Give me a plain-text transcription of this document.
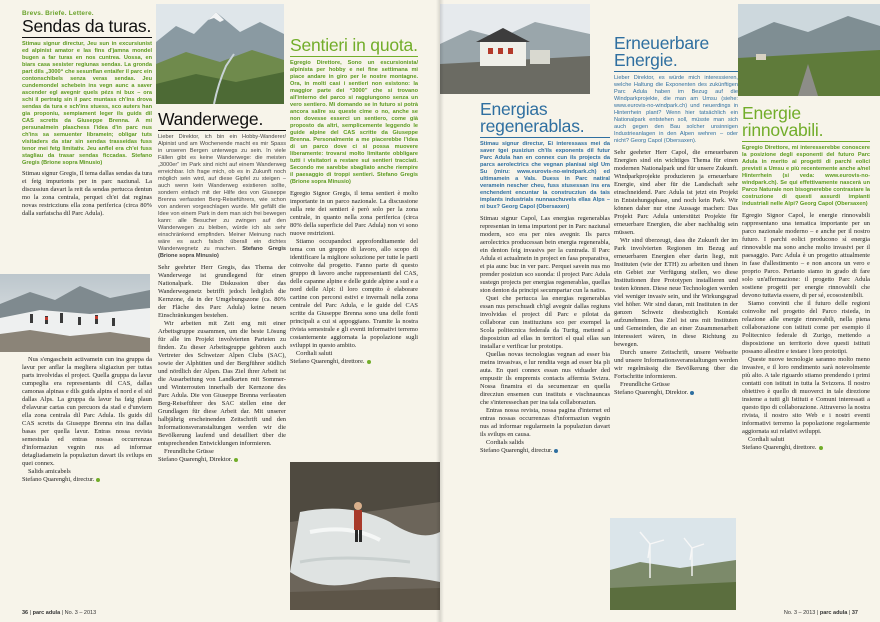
Brevs. Briefe. Lettere.
Sendas da turas.
Stimau signur directur, Jeu sun in excursiunist ed alpinist amator e las fins d'jamna mondel bugen a far turas en nos cuntrea. Uossa, en biars casa sesister regiunas sendas. La gronda part dils „3000“ che sesunflan entaifer il parc ein contonschibels senza veras sendas. Jeu cundemondel schebein ins vegn aunc a saver ascender egl avegnir quels pézs ni bux – ora schi il pertratg sin il parc muntass ch'ins drova sendas da tura e sch'ins stuess, sco auters han gia proponiu, sempiament leger ils guids dil CAS scretts da Giuseppe Brenna. A mi persunalmein plaschess l'idea d'in parc nus ch'ins sa semuenter libramein; obligar tuts visitaders da star sin sendas trasseidas fuss tenor mei fetg limitativ. Jeu anflel era ch'ei fuss stagliau da trasar sendas ficcadas. Stefano Gregis (Brione sopra Minusio)

Stimau signur Gregis, Il tema dallas sendas da tura ei fetg impurtonts per in parc naziunal. La discussiun davart la reit da sendas pertucca dentun mo la zona centrala, perquei ch'ei dat reginas novas restricziuns ella zona periferica (circa 80% dalla surfatscha dil Parc Adula).

Nus s'engaschein activamein cun ina gruppa da lavur per anflar la megliera sligiaziun per tuttas parts involvidas el project. Quella gruppa da lavur cumpeglia era representants dil CAS, dallas camonas alpinas e dils guids alpins el nord e el sid dallas Alps. La gruppa da lavur ha fatg plaun d'elavurar cartas cun percuors da stad e d'unviern ella zona centrala dil Parc Adula. Ils guids dil CAS scretts da Giuseppe Brenna ein ina dallas basas per quella lavur. Entras nossa revista semestrala ed entras nossas occurrenzas d'informaziun vegnin nus ad informar detagliadamein la populaziun davart ils svilups en quei connex.

Salids amicabels
Stefano Quarenghi, directur.
Wanderwege.
Lieber Direktor, ich bin ein Hobby-Wanderer/ Alpinist und am Wochenende macht es mir Spass in unseren Bergen unterwegs zu sein. In viele Fällen gibt es keine Wanderwege: die meisten „3000er“ im Park sind nicht auf einem Wanderweg erreichbar. Ich frage mich, ob es in Zukunft noch möglich sein wird, auf diese Gipfel zu steigen – auch wenn kein Wanderweg existieren sollte, sondern einfach mit der Hilfe des von Giuseppe Brenna verfassten Berg-Reiseführers, wie schon von anderen vorgeschlagen wurde. Mir gefällt die Idee von einem Park in dem man sich frei bewegen kann: alle Besucher zu zwingen auf den Wanderwegen zu bleiben, würde ich als sehr einschränkend empfinden. Meiner Meinung nach wäre es auch falsch überall ein dichtes Wanderwegnetz zu machen. Stefano Gregis (Brione sopra Minusio)

Sehr geehrter Herr Gregis, das Thema der Wanderwege ist grundlegend für einen Nationalpark. Die Diskussion über das Wanderwegenetz betrifft jedoch lediglich die Kernzone, da in der Umgebungszone (ca. 80% der Fläche des Parc Adula) keine neuen Einschränkungen bestehen.

Wir arbeiten mit Zeit eng mit einer Arbeitsgruppe zusammen, um die beste Lösung für alle im Projekt involvierten Parteien zu finden. Zu dieser Arbeitsgruppe gehören auch Vertreter des Schweizer Alpen Clubs (SAC), sowie der Alphütten und der Bergführer südlich und nördlich der Alpen. Das Ziel ihrer Arbeit ist die Ausarbeitung von Landkarten mit Sommer- und Winterrouten innerhalb der Kernzone des Parc Adula. Die von Giuseppe Brenna verfassten Berg-Reiseführer des SAC stellen eine der Grundlagen für diese Arbeit dar. Mit unserer halbjährig erscheinenden Zeitschrift und den Informationsveranstaltungen werden wir die Bevölkerung laufend und detailliert über die entsprechenden Entwicklungen informieren.

Freundliche Grüsse
Stefano Quarenghi, Direktor.
Sentieri in quota.
Egregio Direttore, Sono un escursionista/ alpinista per hobby e nei fine settimana mi piace andare in giro per le nostre montagne. Ora, in molti casi i sentieri non esistono: la maggior parte dei “3000” che si trovano all'interno del parco si raggiungono senza un vero sentiero. Mi domando se in futuro si potrà ancora salire su queste cime o no, anche se non dovesse esserci un sentiero, come già proposto da altri, semplicemente leggendo le guide alpine del CAS scritte da Giuseppe Brenna. Personalmente a me piacerebbe l'idea di un parco dove ci si possa muovere liberamente: trovarsi molto limitante obbligare tutti i visitatori a restare sui sentieri tracciati. Secondo me sarebbe sbagliato anche riempire il paesaggio di troppi sentieri. Stefano Gregis (Brione sopra Minusio)

Egregio Signor Gregis, il tema sentieri è molto importante in un parco nazionale. La discussione sulla rete dei sentieri è però solo per la zona centrale, in quanto nella zona periferica (circa 80% della superficie del Parc Adula) non vi sono nuove restrizioni.

Stiamo occupandoci approfonditamente del tema con un gruppo di lavoro, allo scopo di identificare la migliore soluzione per tutte le parti coinvolte dal progetto. Fanno parte di questo gruppo di lavoro anche rappresentanti del CAS, delle capanne alpine e delle guide alpine a sud e a nord delle Alpi: il loro compito è elaborare cartine con percorsi estivi e invernali nella zona centrale del Parc Adula, e le guide del CAS scritte da Giuseppe Brenna sono una delle fonti principali a cui si appoggiano. Tramite la nostra rivista semestrale e gli eventi informativi terremo costantemente aggiornata la popolazione sugli sviluppi in questo ambito.

Cordiali saluti
Stefano Quarenghi, direttore.
36 | parc adula | No. 3 – 2013
Energias regenerablas.
Stimau signur directur, Ei interessass mei da saver tgei pusiziun ch'ils exponents dil futur Parc Adula han en connex cun ils projects da parcs aerolectrics che vegnan planisai sigl Um Su (miru: www.eurovis-no-windpark.ch) ed ultimamein a Vals. Duess in Parc natiral veramein nescher cheu, fuss stusessan ins era enchendent encuntar la construcziun da tais implants industrials nunnaschuvels ellas Alps – ni bux? Georg Capol (Obersaxen)

Stimau signur Capol, Las energias regenerablas representan in tema impurtont per in Parc naziunal modern, sco era per nies avegnir. Ils parcs aerolectrics producessan bein energia regenerabla, ein denton feig invasivs per la cuntrada. Il Parc Adula ei actualmein in project en fasa preparativa, ei pia aunc buc in ver parc. Perquei savein nus mo prender posiziun sco suonda: il project Parc Adula sustegn projects per energias regenerablas, quellas ston denton da principi secumpartar cun la natira.

Quei che pertucca las energias regenerablas essan nus perschuadi ch'igl avegnir dallas regiuns involvidas el project dil Parc e pilotat da collaborar cun instituziuns sco per exempel la Scola politecnica federala da Turitg, mettend a disposiziun ad ellas in territori el qual ellas san installar e verificar lur prototips.

Quellas novas tecnologias vegnan ad esser bia meins invasivas, e lur rendita vegn ad esser bia pli auta. En quei connex essan nus viduader ded empustir ils empremis contacts affermia Svizra. Nossa finamira ei da secumenzar en quella direcziun ensemen cun instituts e vischnauncas che s'interessechan per ina tala collaboraziun.

Entras nossa revista, nossa pagina d'internet ed entras nossas occurrenzas d'informaziun vegnin nus ad informar regularmein la populaziun davart ils svilups en causa.

Cordials salids
Stefano Quarenghi, directur.
Erneuerbare Energie.
Lieber Direktor, es würde mich interessieren, welche Haltung die Exponenten des zukünftigen Parc Adula haben im Bezug auf die Windparkprojekte, die man am Umsu (siehe: www.eurovis-no-windpark.ch) und neuerdings in Hinterrhein plant? Wenn hier tatsächlich ein Nationalpark entstehen soll, müsste man sich auch gegen den Bau solcher unsinnigen Industrieanlagen in den Alpen wehren – oder nicht? Georg Capol (Obersaxen).

Sehr geehrter Herr Capol, die erneuerbaren Energien sind ein wichtiges Thema für einen modernen Nationalpark und für unsere Zukunft. Windparkprojekte produzieren ja erneuerbare Energie, sind aber für die Landschaft sehr einschneidend. Parc Adula ist jetzt ein Projekt in Entstehungsphase, und noch kein Park. Wir können daher nur eine Aussage machen: Das Projekt Parc Adula unterstützt Projekte für erneuerbare Energien, die aber nachhaltig sein müssen.

Wir sind überzeugt, dass die Zukunft der im Park involvierten Regionen im Bezug auf erneuerbaren Energien eher darin liegt, mit Instituten (wie der ETH) zu arbeiten und ihnen ein Gebiet zur Verfügung stellen, wo diese Institutionen ihre Prototypen installieren und testen können. Diese neue Technologien werden viel weniger invasiv sein, und ihr Wirkungsgrad viel höher. Wir sind daran, mit Instituten in der ganzen Schweiz diesbezüglich Kontakt aufzunehmen. Das Ziel ist uns mit Instituten und Gemeinden, die an einer Zusammenarbeit interessiert wären, in diese Richtung zu bewegen.

Durch unsere Zeitschrift, unsere Webseite und unsere Informationsveranstaltungen werden wir regelmässig die Bevölkerung über die Fortschritte informieren.

Freundliche Grüsse
Stefano Quarenghi, Direktor.
Energie rinnovabili.
Egregio Direttore, mi interesserebbe conoscere la posizione degli esponenti del futuro Parc Adula in merito ai progetti di parchi eolici previsti a Umsu e più recentemente anche a/nel Hinterrhein (si veda: www.eurovis-no-windpark.ch). Se qui effettivamente nascerà un Parco Naturale non bisognerebbe contrastare la costruzione di questi assurdi impianti industriali nelle Alpi? Georg Capol (Obersaxen)

Egregio Signor Capol, le energie rinnovabili rappresentano una tematica importante per un parco nazionale moderno – e anche per il nostro futuro. I parchi eolici producono sì energia rinnovabile ma sono anche molto invasivi per il paesaggio. Parc Adula è un progetto attualmente in fase d'allestimento – e non ancora un vero e proprio Parco. Pertanto siamo in grado di fare solo un'affermazione: il progetto Parc Adula sostiene progetti per energie rinnovabili che devono tuttavia essere, di per sé, ecosostenibili.

Siamo convinti che il futuro delle regioni coinvolte nel progetto del Parco risieda, in relazione alle energie rinnovabili, nella piena collaborazione con istituti come per esempio il Politecnico federale di Zurigo, mettendo a disposizione un territorio dove questi istituti possano allestire e testare i loro prototipi.

Queste nuove tecnologie saranno molto meno invasive, e il loro rendimento sarà notevolmente più alto. A tale riguardo stiamo prendendo i primi contatti con istituti in tutta la Svizzera. Il nostro obiettivo è quello di muoverci in tale direzione insieme a tutti gli Istituti e Comuni interessati a questo tipo di collaborazione. Attraverso la nostra rivista, il nostro sito Web e i nostri eventi informativi terremo la popolazione regolarmente aggiornata sui relativi sviluppi.

Cordiali saluti
Stefano Quarenghi, direttore.
No. 3 – 2013 | parc adula | 37
